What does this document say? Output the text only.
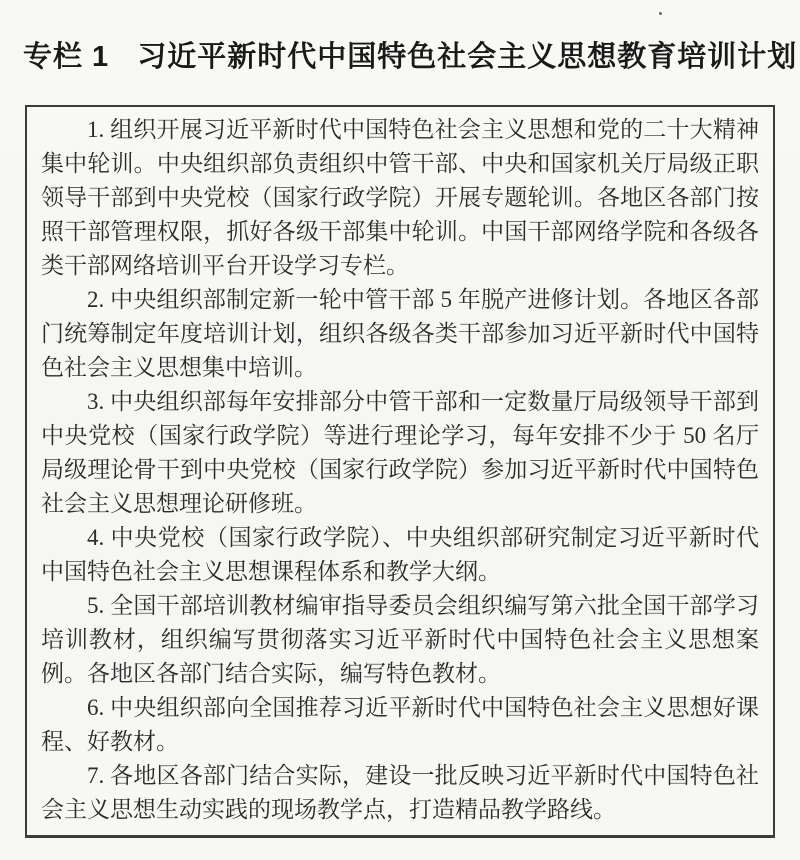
专栏 1 习近平新时代中国特色社会主义思想教育培训计划

1. 组织开展习近平新时代中国特色社会主义思想和党的二十大精神集中轮训。中央组织部负责组织中管干部、中央和国家机关厅局级正职领导干部到中央党校（国家行政学院）开展专题轮训。各地区各部门按照干部管理权限，抓好各级干部集中轮训。中国干部网络学院和各级各类干部网络培训平台开设学习专栏。

2. 中央组织部制定新一轮中管干部 5 年脱产进修计划。各地区各部门统筹制定年度培训计划，组织各级各类干部参加习近平新时代中国特色社会主义思想集中培训。

3. 中央组织部每年安排部分中管干部和一定数量厅局级领导干部到中央党校（国家行政学院）等进行理论学习，每年安排不少于 50 名厅局级理论骨干到中央党校（国家行政学院）参加习近平新时代中国特色社会主义思想理论研修班。

4. 中央党校（国家行政学院）、中央组织部研究制定习近平新时代中国特色社会主义思想课程体系和教学大纲。

5. 全国干部培训教材编审指导委员会组织编写第六批全国干部学习培训教材，组织编写贯彻落实习近平新时代中国特色社会主义思想案例。各地区各部门结合实际，编写特色教材。

6. 中央组织部向全国推荐习近平新时代中国特色社会主义思想好课程、好教材。

7. 各地区各部门结合实际，建设一批反映习近平新时代中国特色社会主义思想生动实践的现场教学点，打造精品教学路线。
